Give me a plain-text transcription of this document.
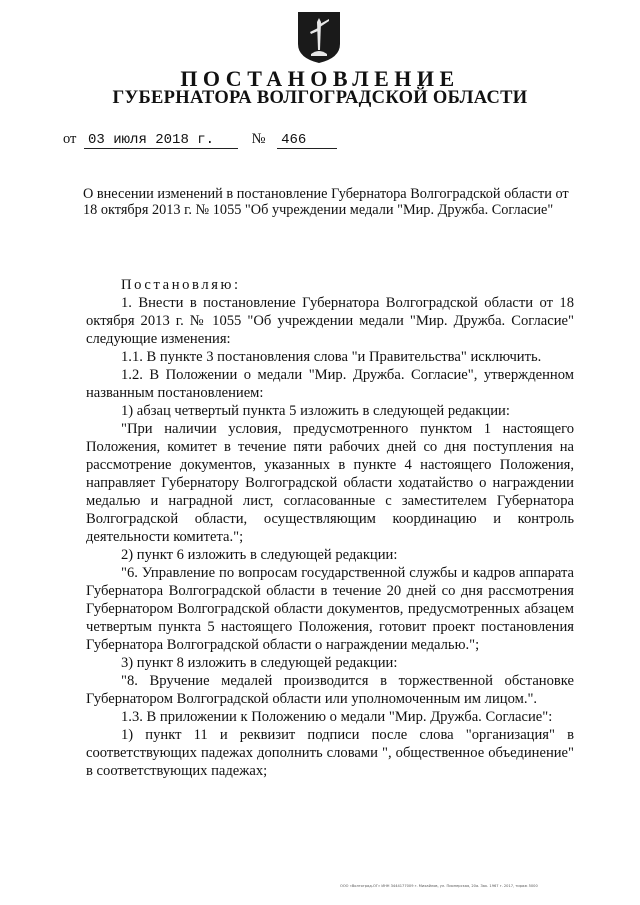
ПОСТАНОВЛЕНИЕ
ГУБЕРНАТОРА ВОЛГОГРАДСКОЙ ОБЛАСТИ
от 03 июля 2018 г.	№ 466
О внесении изменений в постановление Губернатора Волгоградской области от 18 октября 2013 г. № 1055 "Об учреждении медали "Мир. Дружба. Согласие"

Постановляю:

1. Внести в постановление Губернатора Волгоградской области от 18 октября 2013 г. № 1055 "Об учреждении медали "Мир. Дружба. Согласие" следующие изменения:

1.1. В пункте 3 постановления слова "и Правительства" исключить.

1.2. В Положении о медали "Мир. Дружба. Согласие", утвержденном названным постановлением:

1) абзац четвертый пункта 5 изложить в следующей редакции:

"При наличии условия, предусмотренного пунктом 1 настоящего Положения, комитет в течение пяти рабочих дней со дня поступления на рассмотрение документов, указанных в пункте 4 настоящего Положения, направляет Губернатору Волгоградской области ходатайство о награждении медалью и наградной лист, согласованные с заместителем Губернатора Волгоградской области, осуществляющим координацию и контроль деятельности комитета.";

2) пункт 6 изложить в следующей редакции:

"6. Управление по вопросам государственной службы и кадров аппарата Губернатора Волгоградской области в течение 20 дней со дня рассмотрения Губернатором Волгоградской области документов, предусмотренных абзацем четвертым пункта 5 настоящего Положения, готовит проект постановления Губернатора Волгоградской области о награждении медалью.";

3) пункт 8 изложить в следующей редакции:

"8. Вручение медалей производится в торжественной обстановке Губернатором Волгоградской области или уполномоченным им лицом.".

1.3. В приложении к Положению о медали "Мир. Дружба. Согласие":

1) пункт 11 и реквизит подписи после слова "организация" в соответствующих падежах дополнить словами ", общественное объединение" в соответствующих падежах;

ООО «Волгоград-ОГ» ИНН 3444177009 г. Михайлов, ул. Пионерская, 20а. Зак. 1967 г. 2017, тираж 5000
